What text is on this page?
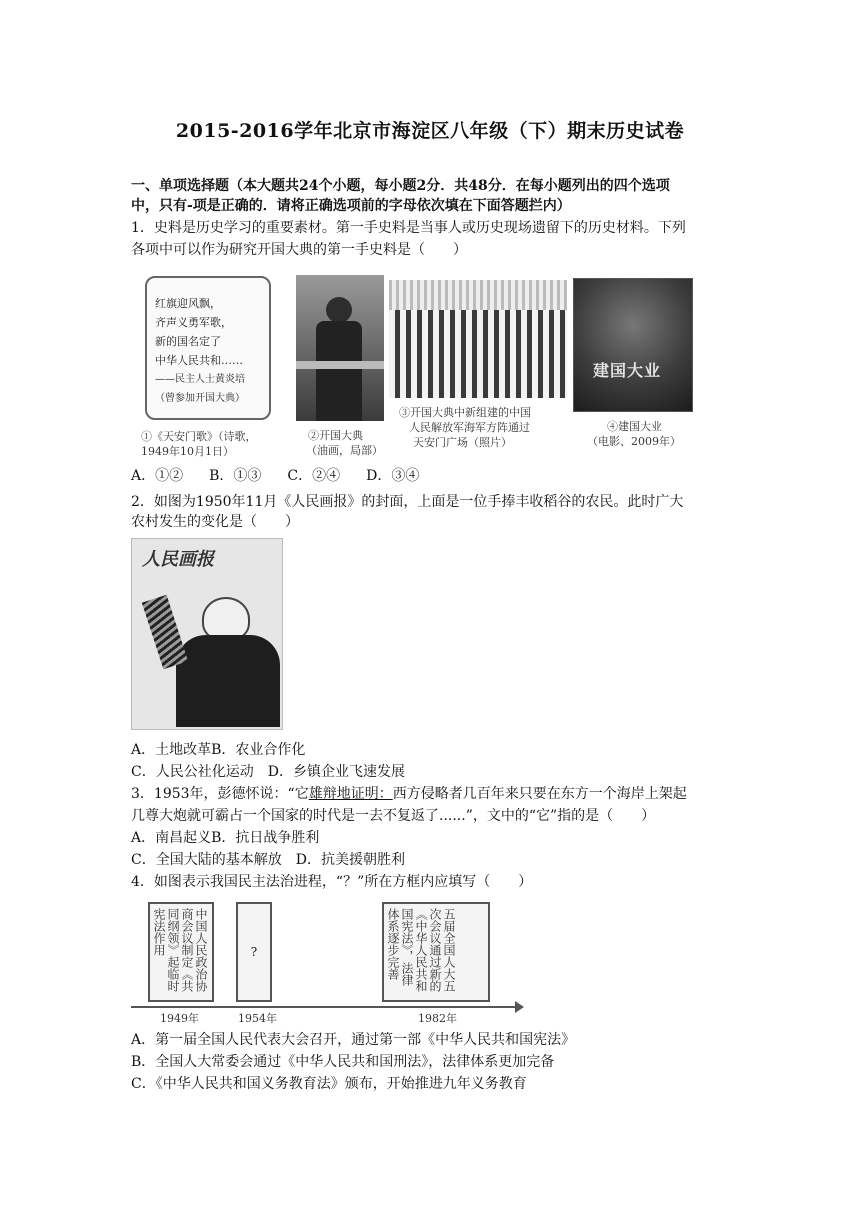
2015-2016学年北京市海淀区八年级（下）期末历史试卷
一、单项选择题（本大题共24个小题，每小题2分．共48分．在每小题列出的四个选项
中，只有-项是正确的．请将正确选项前的字母依次填在下面答题拦内）
1．史料是历史学习的重要素材。第一手史料是当事人或历史现场遗留下的历史材料。下列
各项中可以作为研究开国大典的第一手史料是（　　）
红旗迎风飘，
齐声义勇军歌，
新的国名定了
中华人民共和……
——民主人士黄炎培
（曾参加开国大典）
①《天安门歌》（诗歌，
1949年10月1日）
②开国大典
（油画，局部）
③开国大典中新组建的中国
人民解放军海军方阵通过
天安门广场（照片）
建国大业
④建国大业
（电影、2009年）
A．①② B．①③ C．②④ D．③④
2．如图为1950年11月《人民画报》的封面，上面是一位手捧丰收稻谷的农民。此时广大
农村发生的变化是（　　）
人民画报
A．土地改革B．农业合作化
C．人民公社化运动 D．乡镇企业飞速发展
3．1953年，彭德怀说：“它雄辩地证明：西方侵略者几百年来只要在东方一个海岸上架起
几尊大炮就可霸占一个国家的时代是一去不复返了......”，文中的“它”指的是（　　）
A．南昌起义B．抗日战争胜利
C．全国大陆的基本解放 D．抗美援朝胜利
4．如图表示我国民主法治进程，“？”所在方框内应填写（　　）
中国人民政治协商会议制定《共同纲领》起临时宪法作用	?	五届全国人大五次会议通过新的《中华人民共和国宪法》，法律体系逐步完善
1949年	1954年	1982年
A．第一届全国人民代表大会召开，通过第一部《中华人民共和国宪法》
B．全国人大常委会通过《中华人民共和国刑法》，法律体系更加完备
C．《中华人民共和国义务教育法》颁布，开始推进九年义务教育
